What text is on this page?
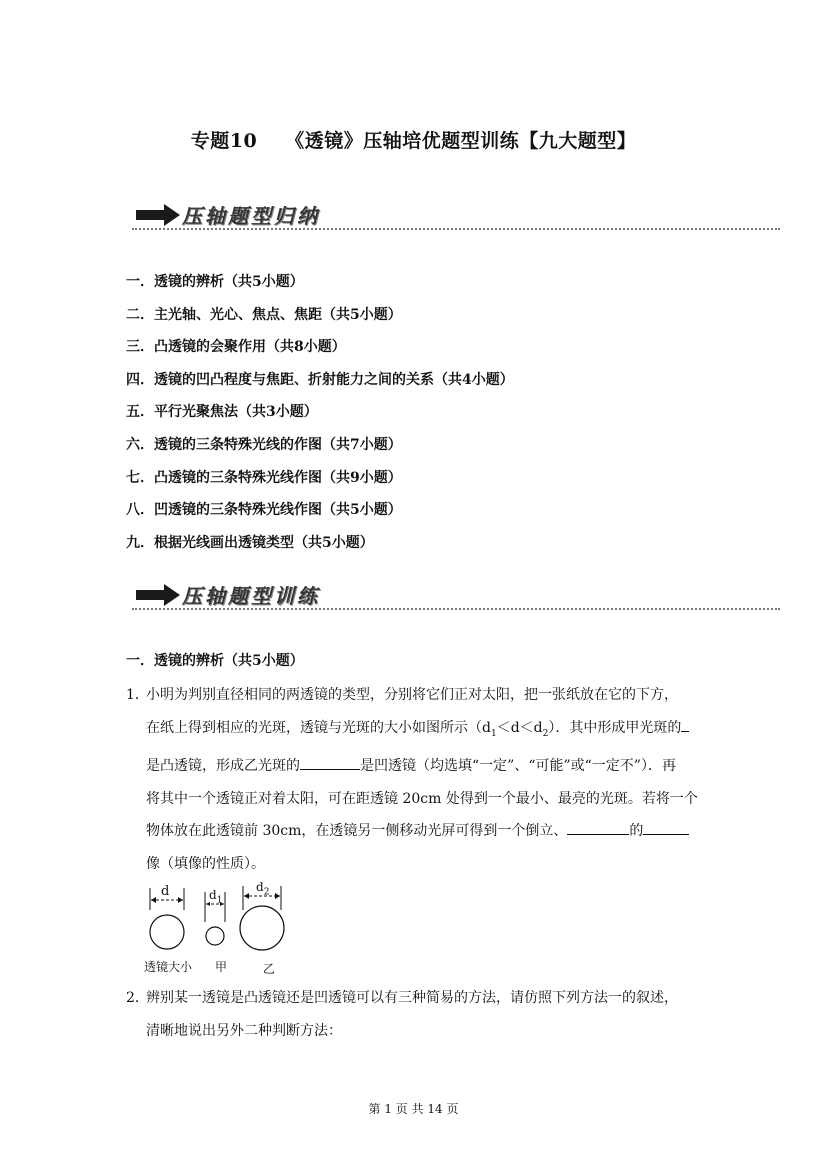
专题10 《透镜》压轴培优题型训练【九大题型】
压轴题型归纳
一．透镜的辨析（共5小题）
二．主光轴、光心、焦点、焦距（共5小题）
三．凸透镜的会聚作用（共8小题）
四．透镜的凹凸程度与焦距、折射能力之间的关系（共4小题）
五．平行光聚焦法（共3小题）
六．透镜的三条特殊光线的作图（共7小题）
七．凸透镜的三条特殊光线作图（共9小题）
八．凹透镜的三条特殊光线作图（共5小题）
九．根据光线画出透镜类型（共5小题）
压轴题型训练
一．透镜的辨析（共5小题）
1．
小明为判别直径相同的两透镜的类型，分别将它们正对太阳，把一张纸放在它的下方，
在纸上得到相应的光斑，透镜与光斑的大小如图所示$(d_1<d<d_2)$．其中形成甲光斑的
是凸透镜，形成乙光斑的	是凹透镜（均选填“一定”、“可能”或“一定不”）．再
将其中一个透镜正对着太阳，可在距透镜 20cm 处得到一个最小、最亮的光斑。若将一个
物体放在此透镜前 30cm，在透镜另一侧移动光屏可得到一个倒立、	的
像（填像的性质）。
d	$d_1$
$d_2$
透镜大小 甲	乙
2．
辨别某一透镜是凸透镜还是凹透镜可以有三种简易的方法，请仿照下列方法一的叙述，
清晰地说出另外二种判断方法：
第 1 页 共 14 页
